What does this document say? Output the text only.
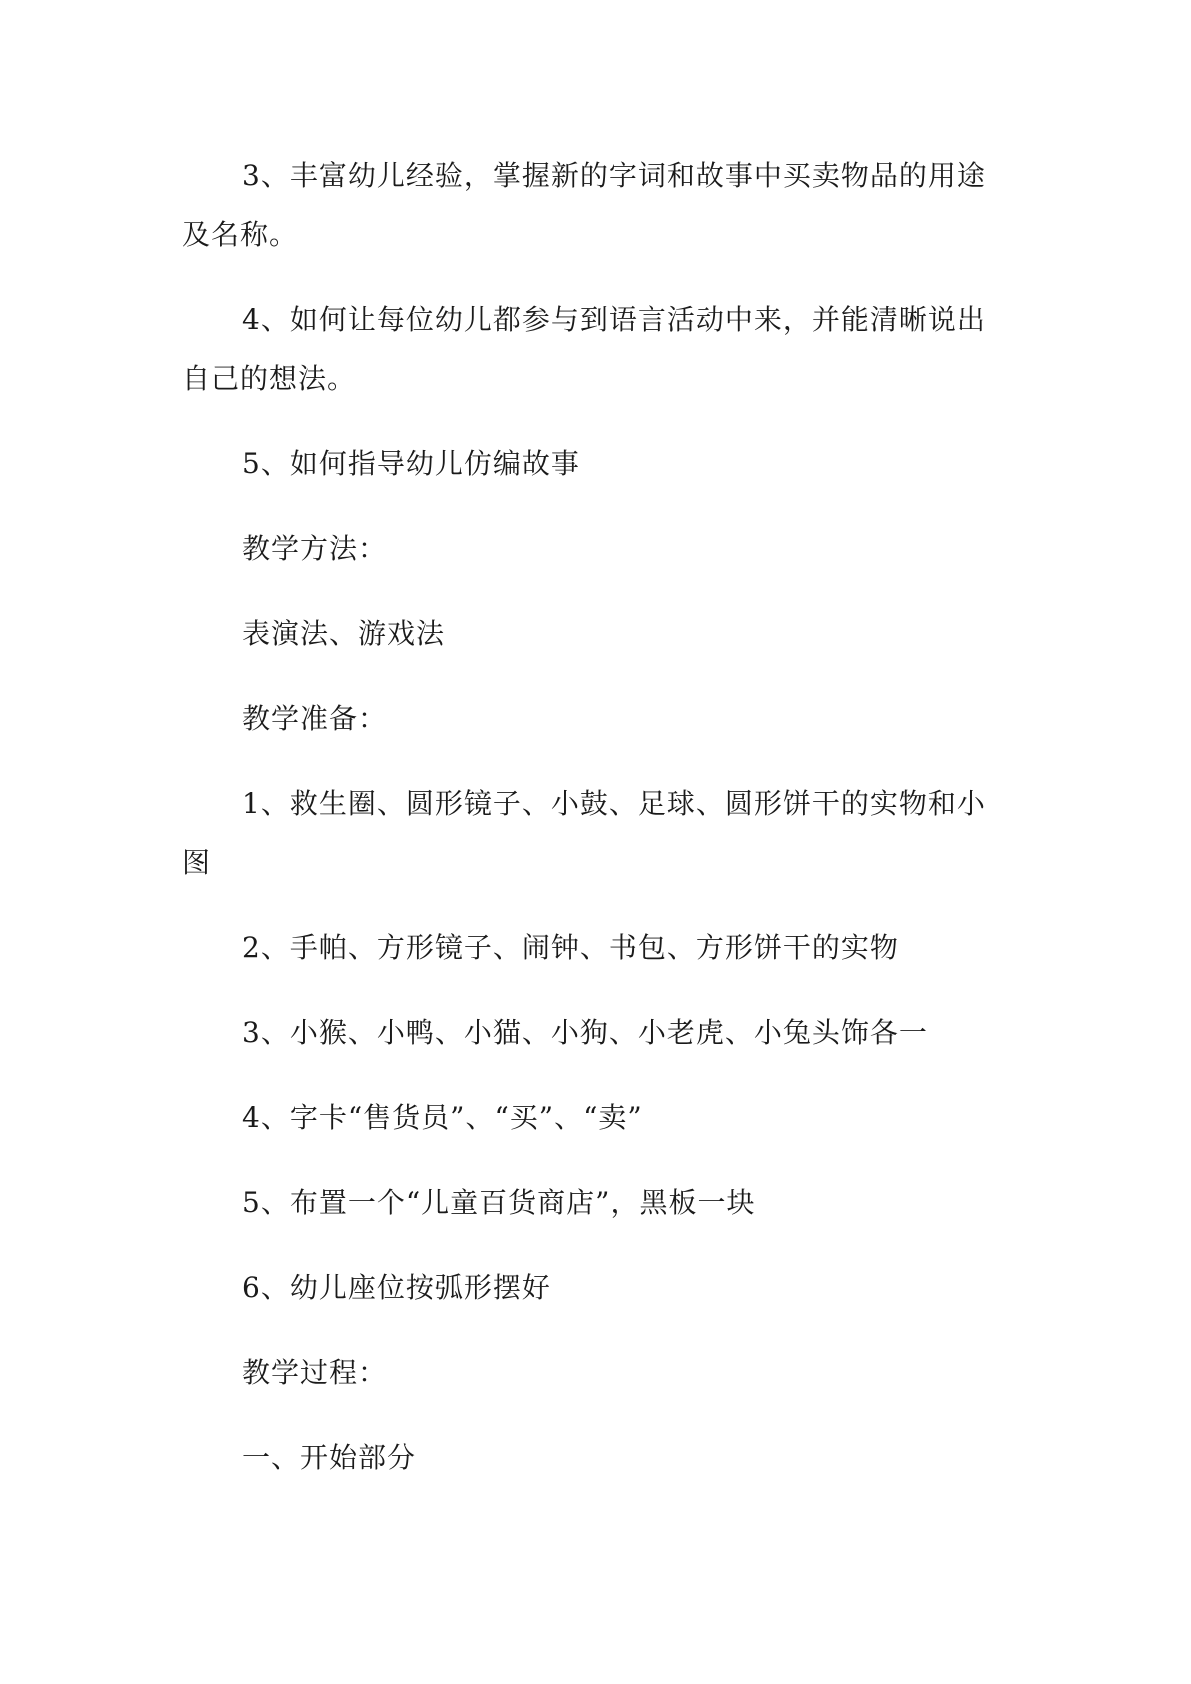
3、丰富幼儿经验，掌握新的字词和故事中买卖物品的用途及名称。

4、如何让每位幼儿都参与到语言活动中来，并能清晰说出自己的想法。

5、如何指导幼儿仿编故事

教学方法：

表演法、游戏法

教学准备：

1、救生圈、圆形镜子、小鼓、足球、圆形饼干的实物和小图

2、手帕、方形镜子、闹钟、书包、方形饼干的实物

3、小猴、小鸭、小猫、小狗、小老虎、小兔头饰各一

4、字卡“售货员”、“买”、“卖”

5、布置一个“儿童百货商店”，黑板一块

6、幼儿座位按弧形摆好

教学过程：

一、开始部分
